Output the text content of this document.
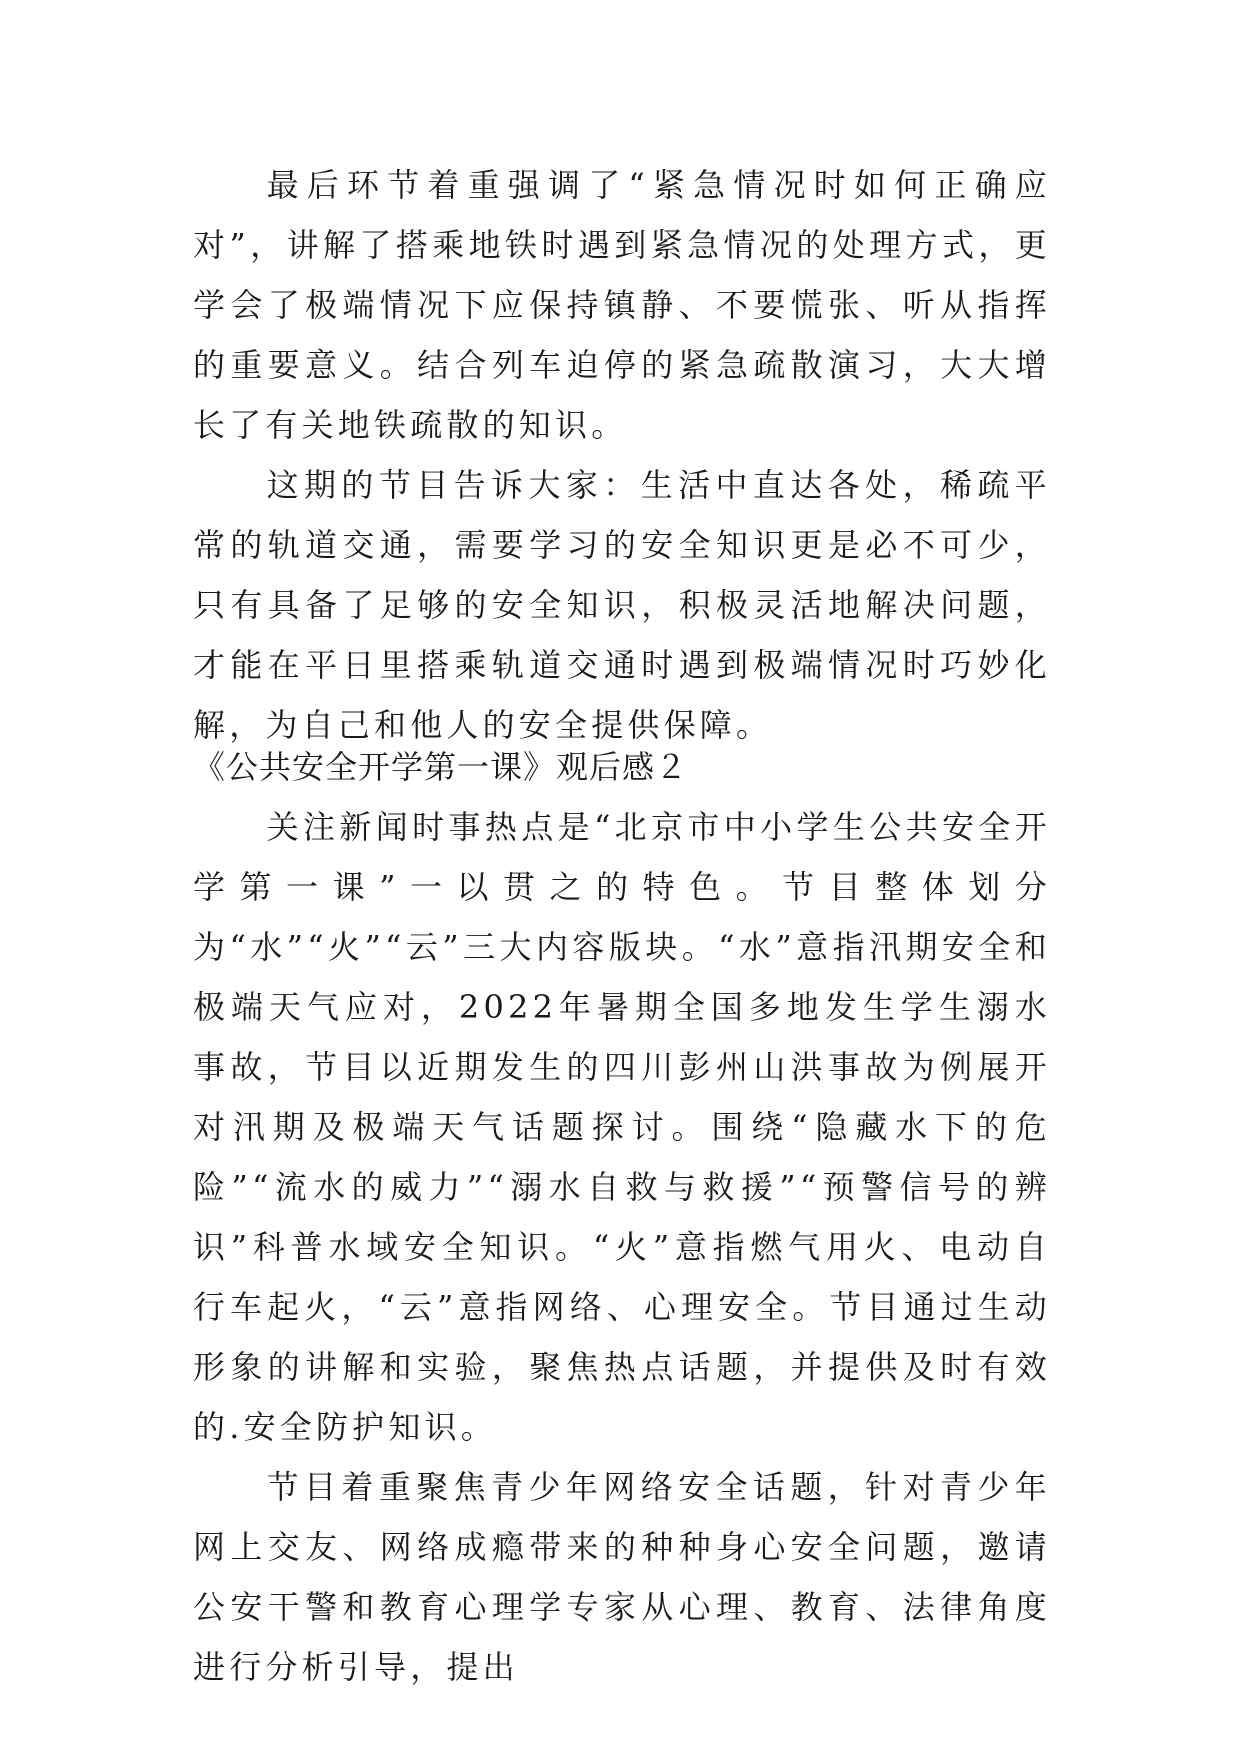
最后环节着重强调了“紧急情况时如何正确应对”，讲解了搭乘地铁时遇到紧急情况的处理方式，更学会了极端情况下应保持镇静、不要慌张、听从指挥的重要意义。结合列车迫停的紧急疏散演习，大大增长了有关地铁疏散的知识。

这期的节目告诉大家：生活中直达各处，稀疏平常的轨道交通，需要学习的安全知识更是必不可少，只有具备了足够的安全知识，积极灵活地解决问题，才能在平日里搭乘轨道交通时遇到极端情况时巧妙化解，为自己和他人的安全提供保障。

《公共安全开学第一课》观后感２

关注新闻时事热点是“北京市中小学生公共安全开学第一课”一以贯之的特色。节目整体划分为“水”“火”“云”三大内容版块。“水”意指汛期安全和极端天气应对，2022年暑期全国多地发生学生溺水事故，节目以近期发生的四川彭州山洪事故为例展开对汛期及极端天气话题探讨。围绕“隐藏水下的危险”“流水的威力”“溺水自救与救援”“预警信号的辨识”科普水域安全知识。“火”意指燃气用火、电动自行车起火，“云”意指网络、心理安全。节目通过生动形象的讲解和实验，聚焦热点话题，并提供及时有效的.安全防护知识。

节目着重聚焦青少年网络安全话题，针对青少年网上交友、网络成瘾带来的种种身心安全问题，邀请公安干警和教育心理学专家从心理、教育、法律角度进行分析引导，提出
